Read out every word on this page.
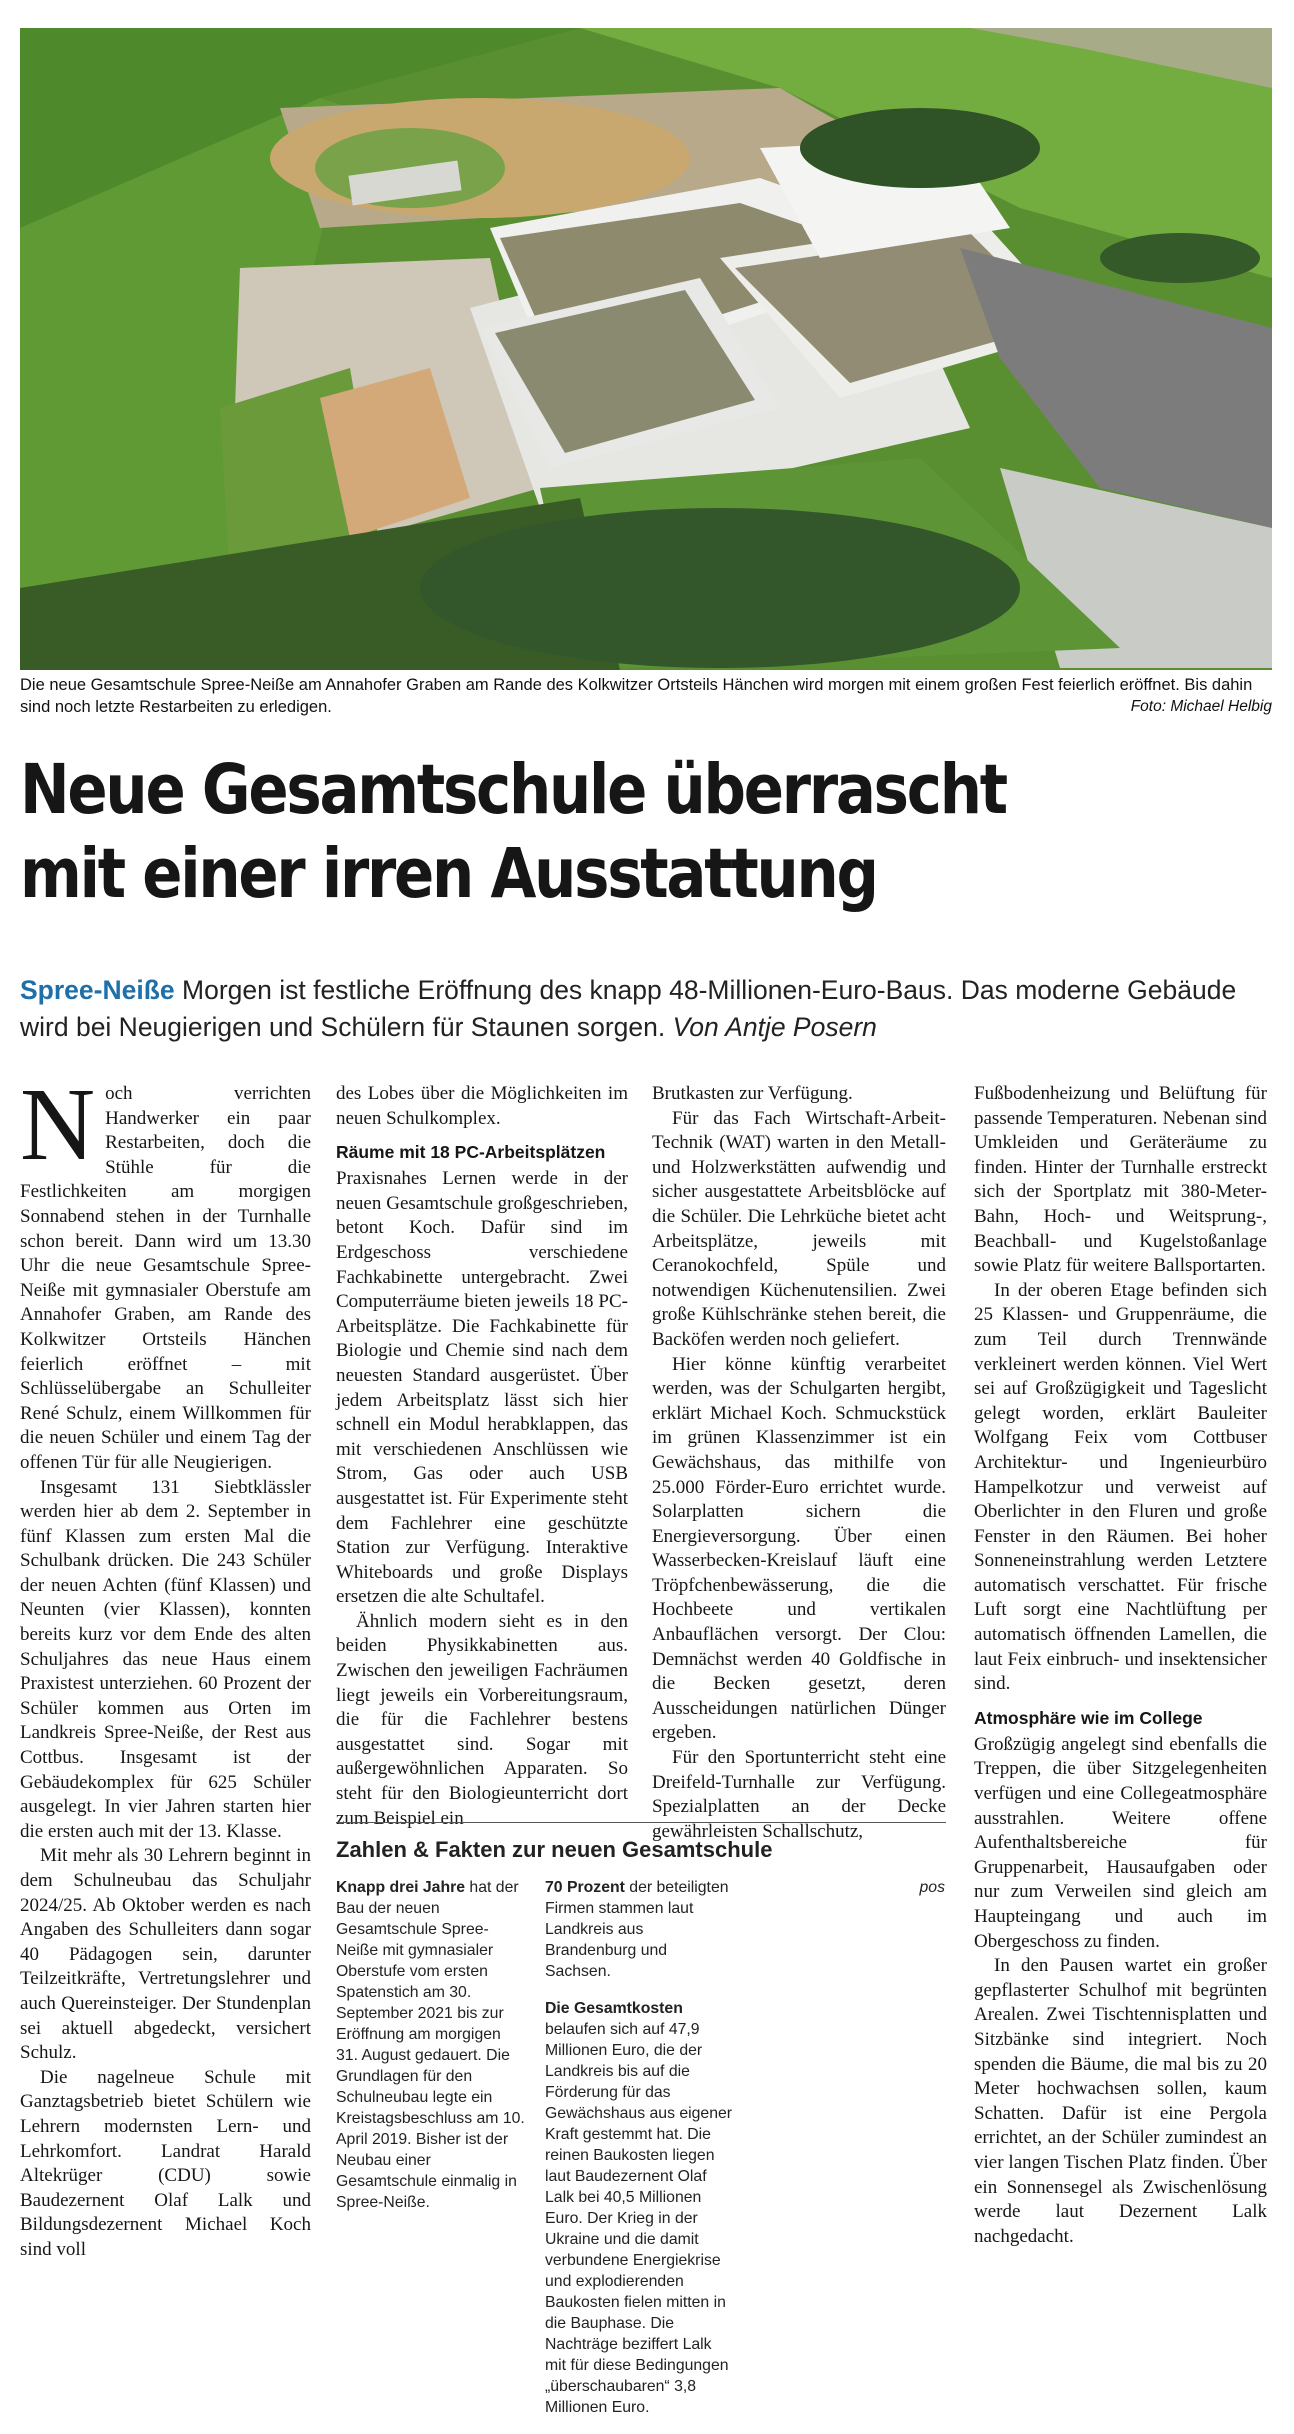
Die neue Gesamtschule Spree-Neiße am Annahofer Graben am Rande des Kolkwitzer Ortsteils Hänchen wird morgen mit einem großen Fest feierlich eröffnet. Bis dahin sind noch letzte Restarbeiten zu erledigen.	Foto: Michael Helbig
Neue Gesamtschule überrascht mit einer irren Ausstattung
Spree-Neiße Morgen ist festliche Eröffnung des knapp 48-Millionen-Euro-Baus. Das moderne Gebäude wird bei Neugierigen und Schülern für Staunen sorgen. Von Antje Posern

Noch verrichten Handwerker ein paar Restarbeiten, doch die Stühle für die Festlichkeiten am morgigen Sonnabend stehen in der Turnhalle schon bereit. Dann wird um 13.30 Uhr die neue Gesamtschule Spree-Neiße mit gymnasialer Oberstufe am Annahofer Graben, am Rande des Kolkwitzer Ortsteils Hänchen feierlich eröffnet – mit Schlüsselübergabe an Schulleiter René Schulz, einem Willkommen für die neuen Schüler und einem Tag der offenen Tür für alle Neugierigen.

Insgesamt 131 Siebtklässler werden hier ab dem 2. September in fünf Klassen zum ersten Mal die Schulbank drücken. Die 243 Schüler der neuen Achten (fünf Klassen) und Neunten (vier Klassen), konnten bereits kurz vor dem Ende des alten Schuljahres das neue Haus einem Praxistest unterziehen. 60 Prozent der Schüler kommen aus Orten im Landkreis Spree-Neiße, der Rest aus Cottbus. Insgesamt ist der Gebäudekomplex für 625 Schüler ausgelegt. In vier Jahren starten hier die ersten auch mit der 13. Klasse.

Mit mehr als 30 Lehrern beginnt in dem Schulneubau das Schuljahr 2024/25. Ab Oktober werden es nach Angaben des Schulleiters dann sogar 40 Pädagogen sein, darunter Teilzeitkräfte, Vertretungslehrer und auch Quereinsteiger. Der Stundenplan sei aktuell abgedeckt, versichert Schulz.

Die nagelneue Schule mit Ganztagsbetrieb bietet Schülern wie Lehrern modernsten Lern- und Lehrkomfort. Landrat Harald Altekrüger (CDU) sowie Baudezernent Olaf Lalk und Bildungsdezernent Michael Koch sind voll

des Lobes über die Möglichkeiten im neuen Schulkomplex.

Räume mit 18 PC-Arbeitsplätzen

Praxisnahes Lernen werde in der neuen Gesamtschule großgeschrieben, betont Koch. Dafür sind im Erdgeschoss verschiedene Fachkabinette untergebracht. Zwei Computerräume bieten jeweils 18 PC-Arbeitsplätze. Die Fachkabinette für Biologie und Chemie sind nach dem neuesten Standard ausgerüstet. Über jedem Arbeitsplatz lässt sich hier schnell ein Modul herabklappen, das mit verschiedenen Anschlüssen wie Strom, Gas oder auch USB ausgestattet ist. Für Experimente steht dem Fachlehrer eine geschützte Station zur Verfügung. Interaktive Whiteboards und große Displays ersetzen die alte Schultafel.

Ähnlich modern sieht es in den beiden Physikkabinetten aus. Zwischen den jeweiligen Fachräumen liegt jeweils ein Vorbereitungsraum, die für die Fachlehrer bestens ausgestattet sind. Sogar mit außergewöhnlichen Apparaten. So steht für den Biologieunterricht dort zum Beispiel ein

Brutkasten zur Verfügung.

Für das Fach Wirtschaft-Arbeit-Technik (WAT) warten in den Metall- und Holzwerkstätten aufwendig und sicher ausgestattete Arbeitsblöcke auf die Schüler. Die Lehrküche bietet acht Arbeitsplätze, jeweils mit Ceranokochfeld, Spüle und notwendigen Küchenutensilien. Zwei große Kühlschränke stehen bereit, die Backöfen werden noch geliefert.

Hier könne künftig verarbeitet werden, was der Schulgarten hergibt, erklärt Michael Koch. Schmuckstück im grünen Klassenzimmer ist ein Gewächshaus, das mithilfe von 25.000 Förder-Euro errichtet wurde. Solarplatten sichern die Energieversorgung. Über einen Wasserbecken-Kreislauf läuft eine Tröpfchenbewässerung, die die Hochbeete und vertikalen Anbauflächen versorgt. Der Clou: Demnächst werden 40 Goldfische in die Becken gesetzt, deren Ausscheidungen natürlichen Dünger ergeben.

Für den Sportunterricht steht eine Dreifeld-Turnhalle zur Verfügung. Spezialplatten an der Decke gewährleisten Schallschutz,

Fußbodenheizung und Belüftung für passende Temperaturen. Nebenan sind Umkleiden und Geräteräume zu finden. Hinter der Turnhalle erstreckt sich der Sportplatz mit 380-Meter-Bahn, Hoch- und Weitsprung-, Beachball- und Kugelstoßanlage sowie Platz für weitere Ballsportarten.

In der oberen Etage befinden sich 25 Klassen- und Gruppenräume, die zum Teil durch Trennwände verkleinert werden können. Viel Wert sei auf Großzügigkeit und Tageslicht gelegt worden, erklärt Bauleiter Wolfgang Feix vom Cottbuser Architektur- und Ingenieurbüro Hampelkotzur und verweist auf Oberlichter in den Fluren und große Fenster in den Räumen. Bei hoher Sonneneinstrahlung werden Letztere automatisch verschattet. Für frische Luft sorgt eine Nachtlüftung per automatisch öffnenden Lamellen, die laut Feix einbruch- und insektensicher sind.

Atmosphäre wie im College

Großzügig angelegt sind ebenfalls die Treppen, die über Sitzgelegenheiten verfügen und eine Collegeatmosphäre ausstrahlen. Weitere offene Aufenthaltsbereiche für Gruppenarbeit, Hausaufgaben oder nur zum Verweilen sind gleich am Haupteingang und auch im Obergeschoss zu finden.

In den Pausen wartet ein großer gepflasterter Schulhof mit begrünten Arealen. Zwei Tischtennisplatten und Sitzbänke sind integriert. Noch spenden die Bäume, die mal bis zu 20 Meter hochwachsen sollen, kaum Schatten. Dafür ist eine Pergola errichtet, an der Schüler zumindest an vier langen Tischen Platz finden. Über ein Sonnensegel als Zwischenlösung werde laut Dezernent Lalk nachgedacht.

Zahlen & Fakten zur neuen Gesamtschule

Knapp drei Jahre hat der Bau der neuen Gesamtschule Spree-Neiße mit gymnasialer Oberstufe vom ersten Spatenstich am 30. September 2021 bis zur Eröffnung am morgigen 31. August gedauert. Die Grundlagen für den Schulneubau legte ein Kreistagsbeschluss am 10. April 2019. Bisher ist der Neubau einer Gesamtschule einmalig in Spree-Neiße.

70 Prozent der beteiligten Firmen stammen laut Landkreis aus Brandenburg und Sachsen.

Die Gesamtkosten belaufen sich auf 47,9 Millionen Euro, die der Landkreis bis auf die Förderung für das Gewächshaus aus eigener Kraft gestemmt hat. Die reinen Baukosten liegen laut Baudezernent Olaf Lalk bei 40,5 Millionen Euro. Der Krieg in der Ukraine und die damit verbundene Energiekrise und explodierenden Baukosten fielen mitten in die Bauphase. Die Nachträge beziffert Lalk mit für diese Bedingungen „überschaubaren“ 3,8 Millionen Euro.

pos
